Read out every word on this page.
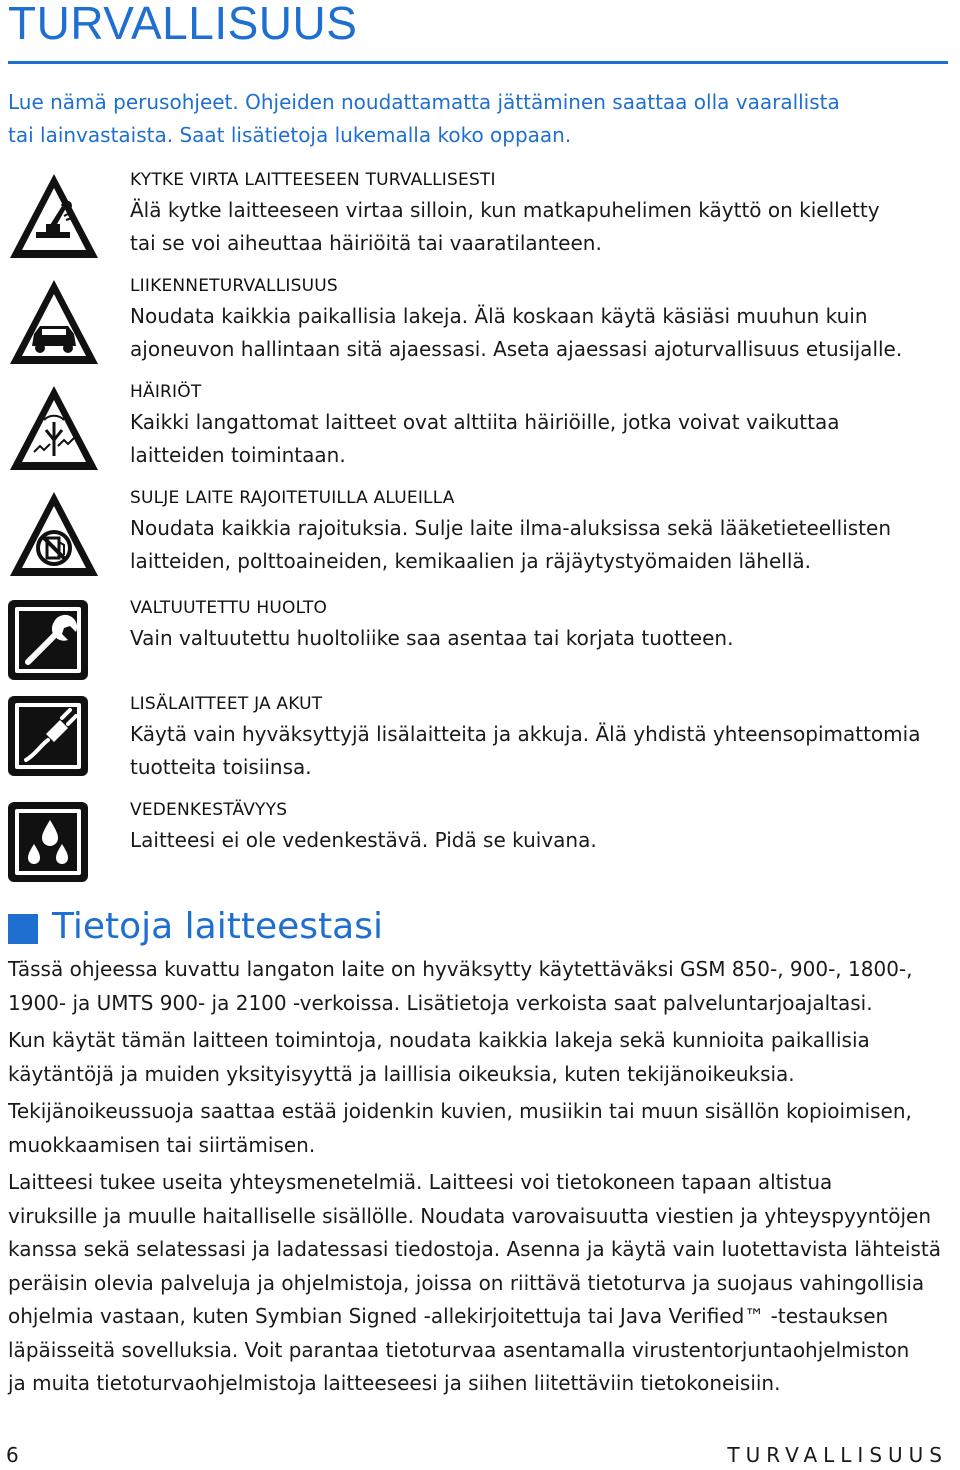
TURVALLISUUS
Lue nämä perusohjeet. Ohjeiden noudattamatta jättäminen saattaa olla vaarallista
tai lainvastaista. Saat lisätietoja lukemalla koko oppaan.
KYTKE VIRTA LAITTEESEEN TURVALLISESTI
Älä kytke laitteeseen virtaa silloin, kun matkapuhelimen käyttö on kielletty
tai se voi aiheuttaa häiriöitä tai vaaratilanteen.
LIIKENNETURVALLISUUS
Noudata kaikkia paikallisia lakeja. Älä koskaan käytä käsiäsi muuhun kuin
ajoneuvon hallintaan sitä ajaessasi. Aseta ajaessasi ajoturvallisuus etusijalle.
HÄIRIÖT
Kaikki langattomat laitteet ovat alttiita häiriöille, jotka voivat vaikuttaa
laitteiden toimintaan.
SULJE LAITE RAJOITETUILLA ALUEILLA
Noudata kaikkia rajoituksia. Sulje laite ilma-aluksissa sekä lääketieteellisten
laitteiden, polttoaineiden, kemikaalien ja räjäytystyömaiden lähellä.
VALTUUTETTU HUOLTO
Vain valtuutettu huoltoliike saa asentaa tai korjata tuotteen.
LISÄLAITTEET JA AKUT
Käytä vain hyväksyttyjä lisälaitteita ja akkuja. Älä yhdistä yhteensopimattomia
tuotteita toisiinsa.
VEDENKESTÄVYYS
Laitteesi ei ole vedenkestävä. Pidä se kuivana.
Tietoja laitteestasi

Tässä ohjeessa kuvattu langaton laite on hyväksytty käytettäväksi GSM 850-, 900-, 1800-,
1900- ja UMTS 900- ja 2100 -verkoissa. Lisätietoja verkoista saat palveluntarjoajaltasi.

Kun käytät tämän laitteen toimintoja, noudata kaikkia lakeja sekä kunnioita paikallisia
käytäntöjä ja muiden yksityisyyttä ja laillisia oikeuksia, kuten tekijänoikeuksia.

Tekijänoikeussuoja saattaa estää joidenkin kuvien, musiikin tai muun sisällön kopioimisen,
muokkaamisen tai siirtämisen.

Laitteesi tukee useita yhteysmenetelmiä. Laitteesi voi tietokoneen tapaan altistua
viruksille ja muulle haitalliselle sisällölle. Noudata varovaisuutta viestien ja yhteyspyyntöjen
kanssa sekä selatessasi ja ladatessasi tiedostoja. Asenna ja käytä vain luotettavista lähteistä
peräisin olevia palveluja ja ohjelmistoja, joissa on riittävä tietoturva ja suojaus vahingollisia
ohjelmia vastaan, kuten Symbian Signed -allekirjoitettuja tai Java Verified™ -testauksen
läpäisseitä sovelluksia. Voit parantaa tietoturvaa asentamalla virustentorjuntaohjelmiston
ja muita tietoturvaohjelmistoja laitteeseesi ja siihen liitettäviin tietokoneisiin.

6	TURVALLISUUS
